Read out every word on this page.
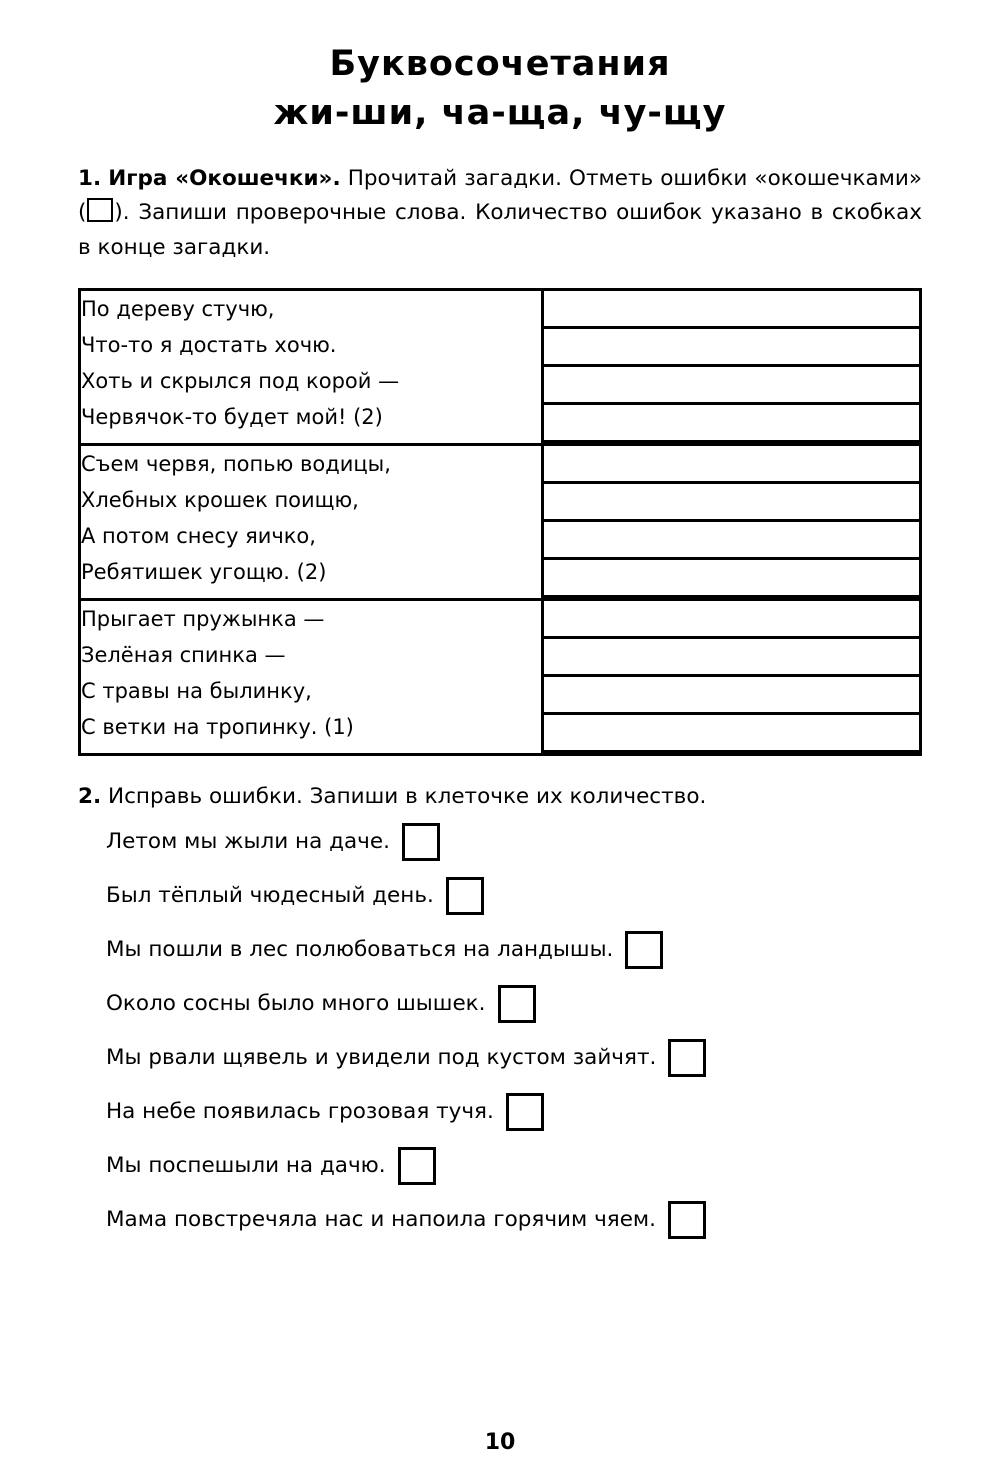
Буквосочетания
жи-ши, ча-ща, чу-щу
1. Игра «Окошечки». Прочитай загадки. Отметь ошибки «окошечками» ( ). Запиши проверочные слова. Количество ошибок указано в скобках в конце загадки.
По дереву стучю,
Что-то я достать хочю.
Хоть и скрылся под корой —
Червячок-то будет мой! (2)	

Съем червя, попью водицы,
Хлебных крошек поищю,
А потом снесу яичко,
Ребятишек угощю. (2)	

Прыгает пружынка —
Зелёная спинка —
С травы на былинку,
С ветки на тропинку. (1)	

2. Исправь ошибки. Запиши в клеточке их количество.
Летом мы жыли на даче.
Был тёплый чюдесный день.
Мы пошли в лес полюбоваться на ландышы.
Около сосны было много шышек.
Мы рвали щявель и увидели под кустом зайчят.
На небе появилась грозовая тучя.
Мы поспешыли на дачю.
Мама повстречяла нас и напоила горячим чяем.
10
